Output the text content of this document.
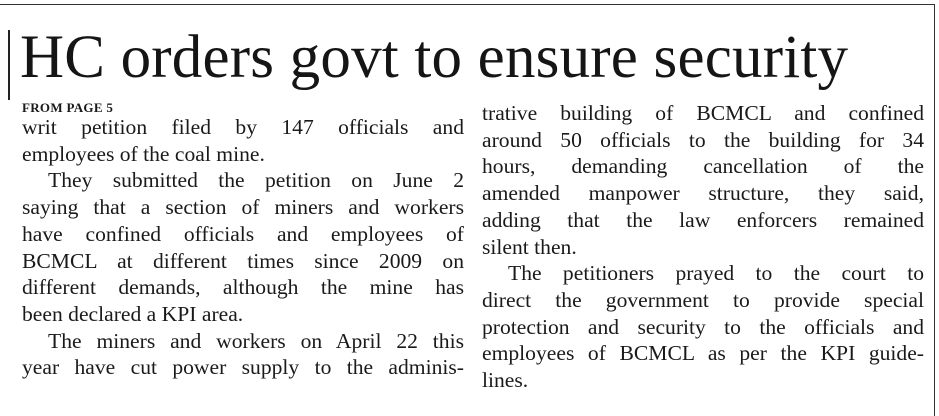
HC orders govt to ensure security
FROM PAGE 5
writ petition filed by 147 officials and
employees of the coal mine.
They submitted the petition on June 2
saying that a section of miners and workers
have confined officials and employees of
BCMCL at different times since 2009 on
different demands, although the mine has
been declared a KPI area.
The miners and workers on April 22 this
year have cut power supply to the adminis-
trative building of BCMCL and confined
around 50 officials to the building for 34
hours, demanding cancellation of the
amended manpower structure, they said,
adding that the law enforcers remained
silent then.
The petitioners prayed to the court to
direct the government to provide special
protection and security to the officials and
employees of BCMCL as per the KPI guide-
lines.
